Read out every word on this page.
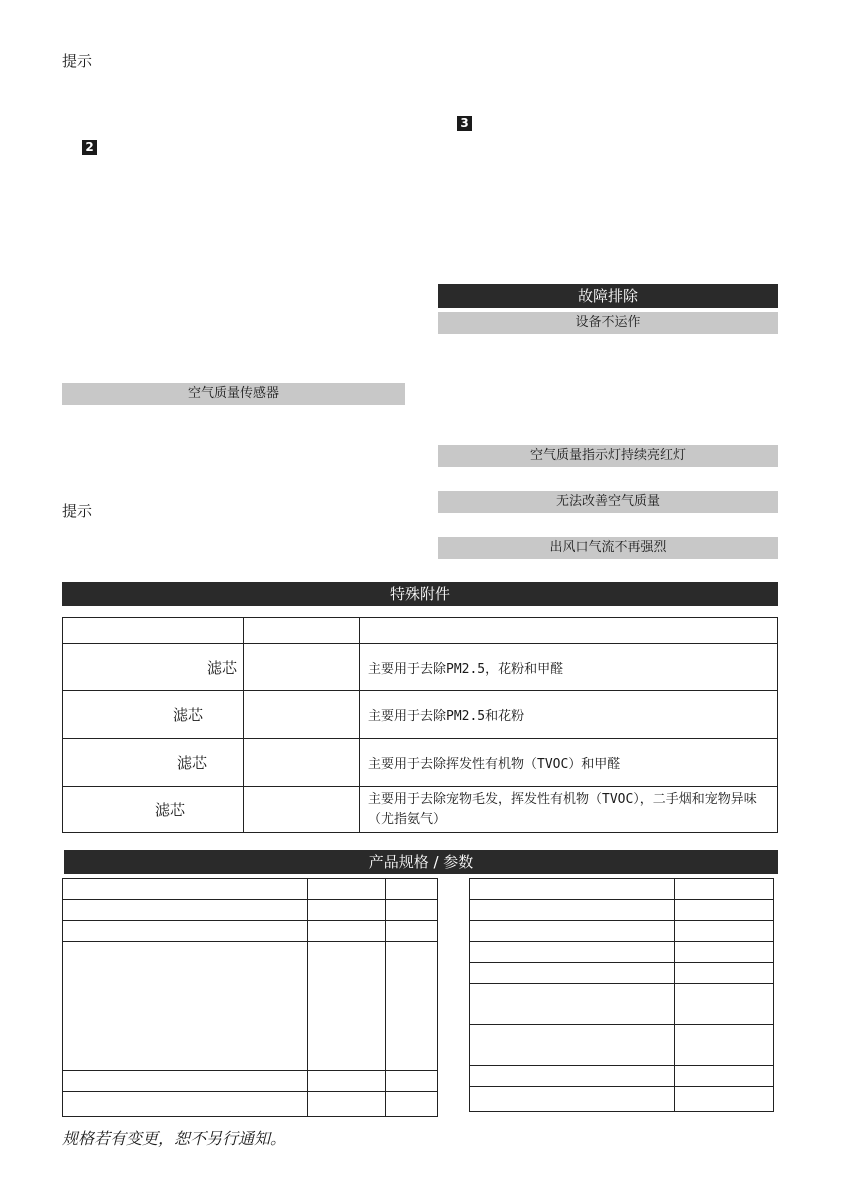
提示
2
空气质量传感器
提示
3
故障排除
设备不运作
空气质量指示灯持续亮红灯
无法改善空气质量
出风口气流不再强烈
特殊附件

滤芯		主要用于去除PM2.5，花粉和甲醛
滤芯		主要用于去除PM2.5和花粉
滤芯		主要用于去除挥发性有机物（TVOC）和甲醛
滤芯		主要用于去除宠物毛发，挥发性有机物（TVOC），二手烟和宠物异味（尤指氨气）
产品规格 / 参数

规格若有变更，恕不另行通知。
